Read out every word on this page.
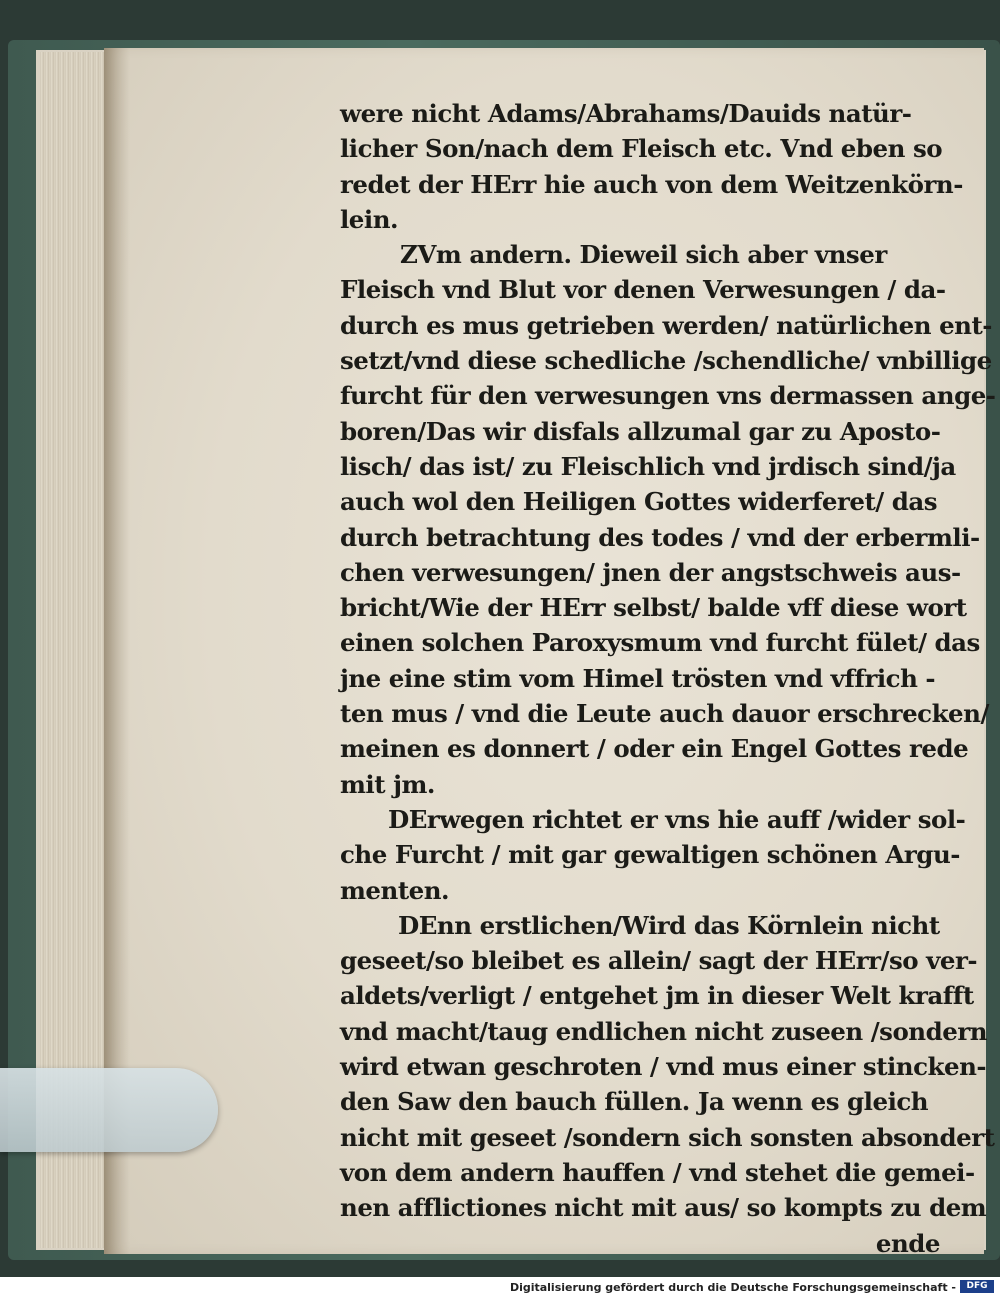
were nicht Adams/Abrahams/Dauids natür-
licher Son/nach dem Fleisch etc. Vnd eben so
redet der HErr hie auch von dem Weitzenkörn-
lein.
ZVm andern. Dieweil sich aber vnser
Fleisch vnd Blut vor denen Verwesungen / da-
durch es mus getrieben werden/ natürlichen ent-
setzt/vnd diese schedliche /schendliche/ vnbillige
furcht für den verwesungen vns dermassen ange-
boren/Das wir disfals allzumal gar zu Aposto-
lisch/ das ist/ zu Fleischlich vnd jrdisch sind/ja
auch wol den Heiligen Gottes widerferet/ das
durch betrachtung des todes / vnd der erbermli-
chen verwesungen/ jnen der angstschweis aus-
bricht/Wie der HErr selbst/ balde vff diese wort
einen solchen Paroxysmum vnd furcht fület/ das
jne eine stim vom Himel trösten vnd vffrich -
ten mus / vnd die Leute auch dauor erschrecken/
meinen es donnert / oder ein Engel Gottes rede
mit jm.
DErwegen richtet er vns hie auff /wider sol-
che Furcht / mit gar gewaltigen schönen Argu-
menten.
DEnn erstlichen/Wird das Körnlein nicht
geseet/so bleibet es allein/ sagt der HErr/so ver-
aldets/verligt / entgehet jm in dieser Welt krafft
vnd macht/taug endlichen nicht zuseen /sondern
wird etwan geschroten / vnd mus einer stincken-
den Saw den bauch füllen. Ja wenn es gleich
nicht mit geseet /sondern sich sonsten absondert
von dem andern hauffen / vnd stehet die gemei-
nen afflictiones nicht mit aus/ so kompts zu dem
ende
Digitalisierung gefördert durch die Deutsche Forschungsgemeinschaft -	DFG
